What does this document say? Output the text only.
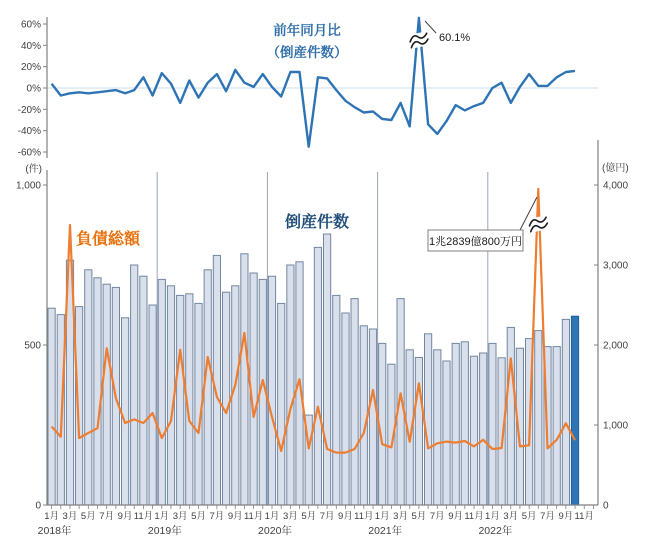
60%
40%
20%
0%
-20%
-40%
-60%
1,000
500
0
4,000
3,000
2,000
1,000
0
1月
2018年
3月 5月 7月 9月 11月 1月
2019年
3月 5月 7月 9月 11月 1月
2020年
3月 5月 7月 9月 11月 1月
2021年
3月 5月 7月 9月 11月 1月
2022年
3月 5月 7月 9月 11月
前年同月比
（倒産件数）
60.1%
負債総額
倒産件数
1兆2839億800万円
(件)	(億円)
